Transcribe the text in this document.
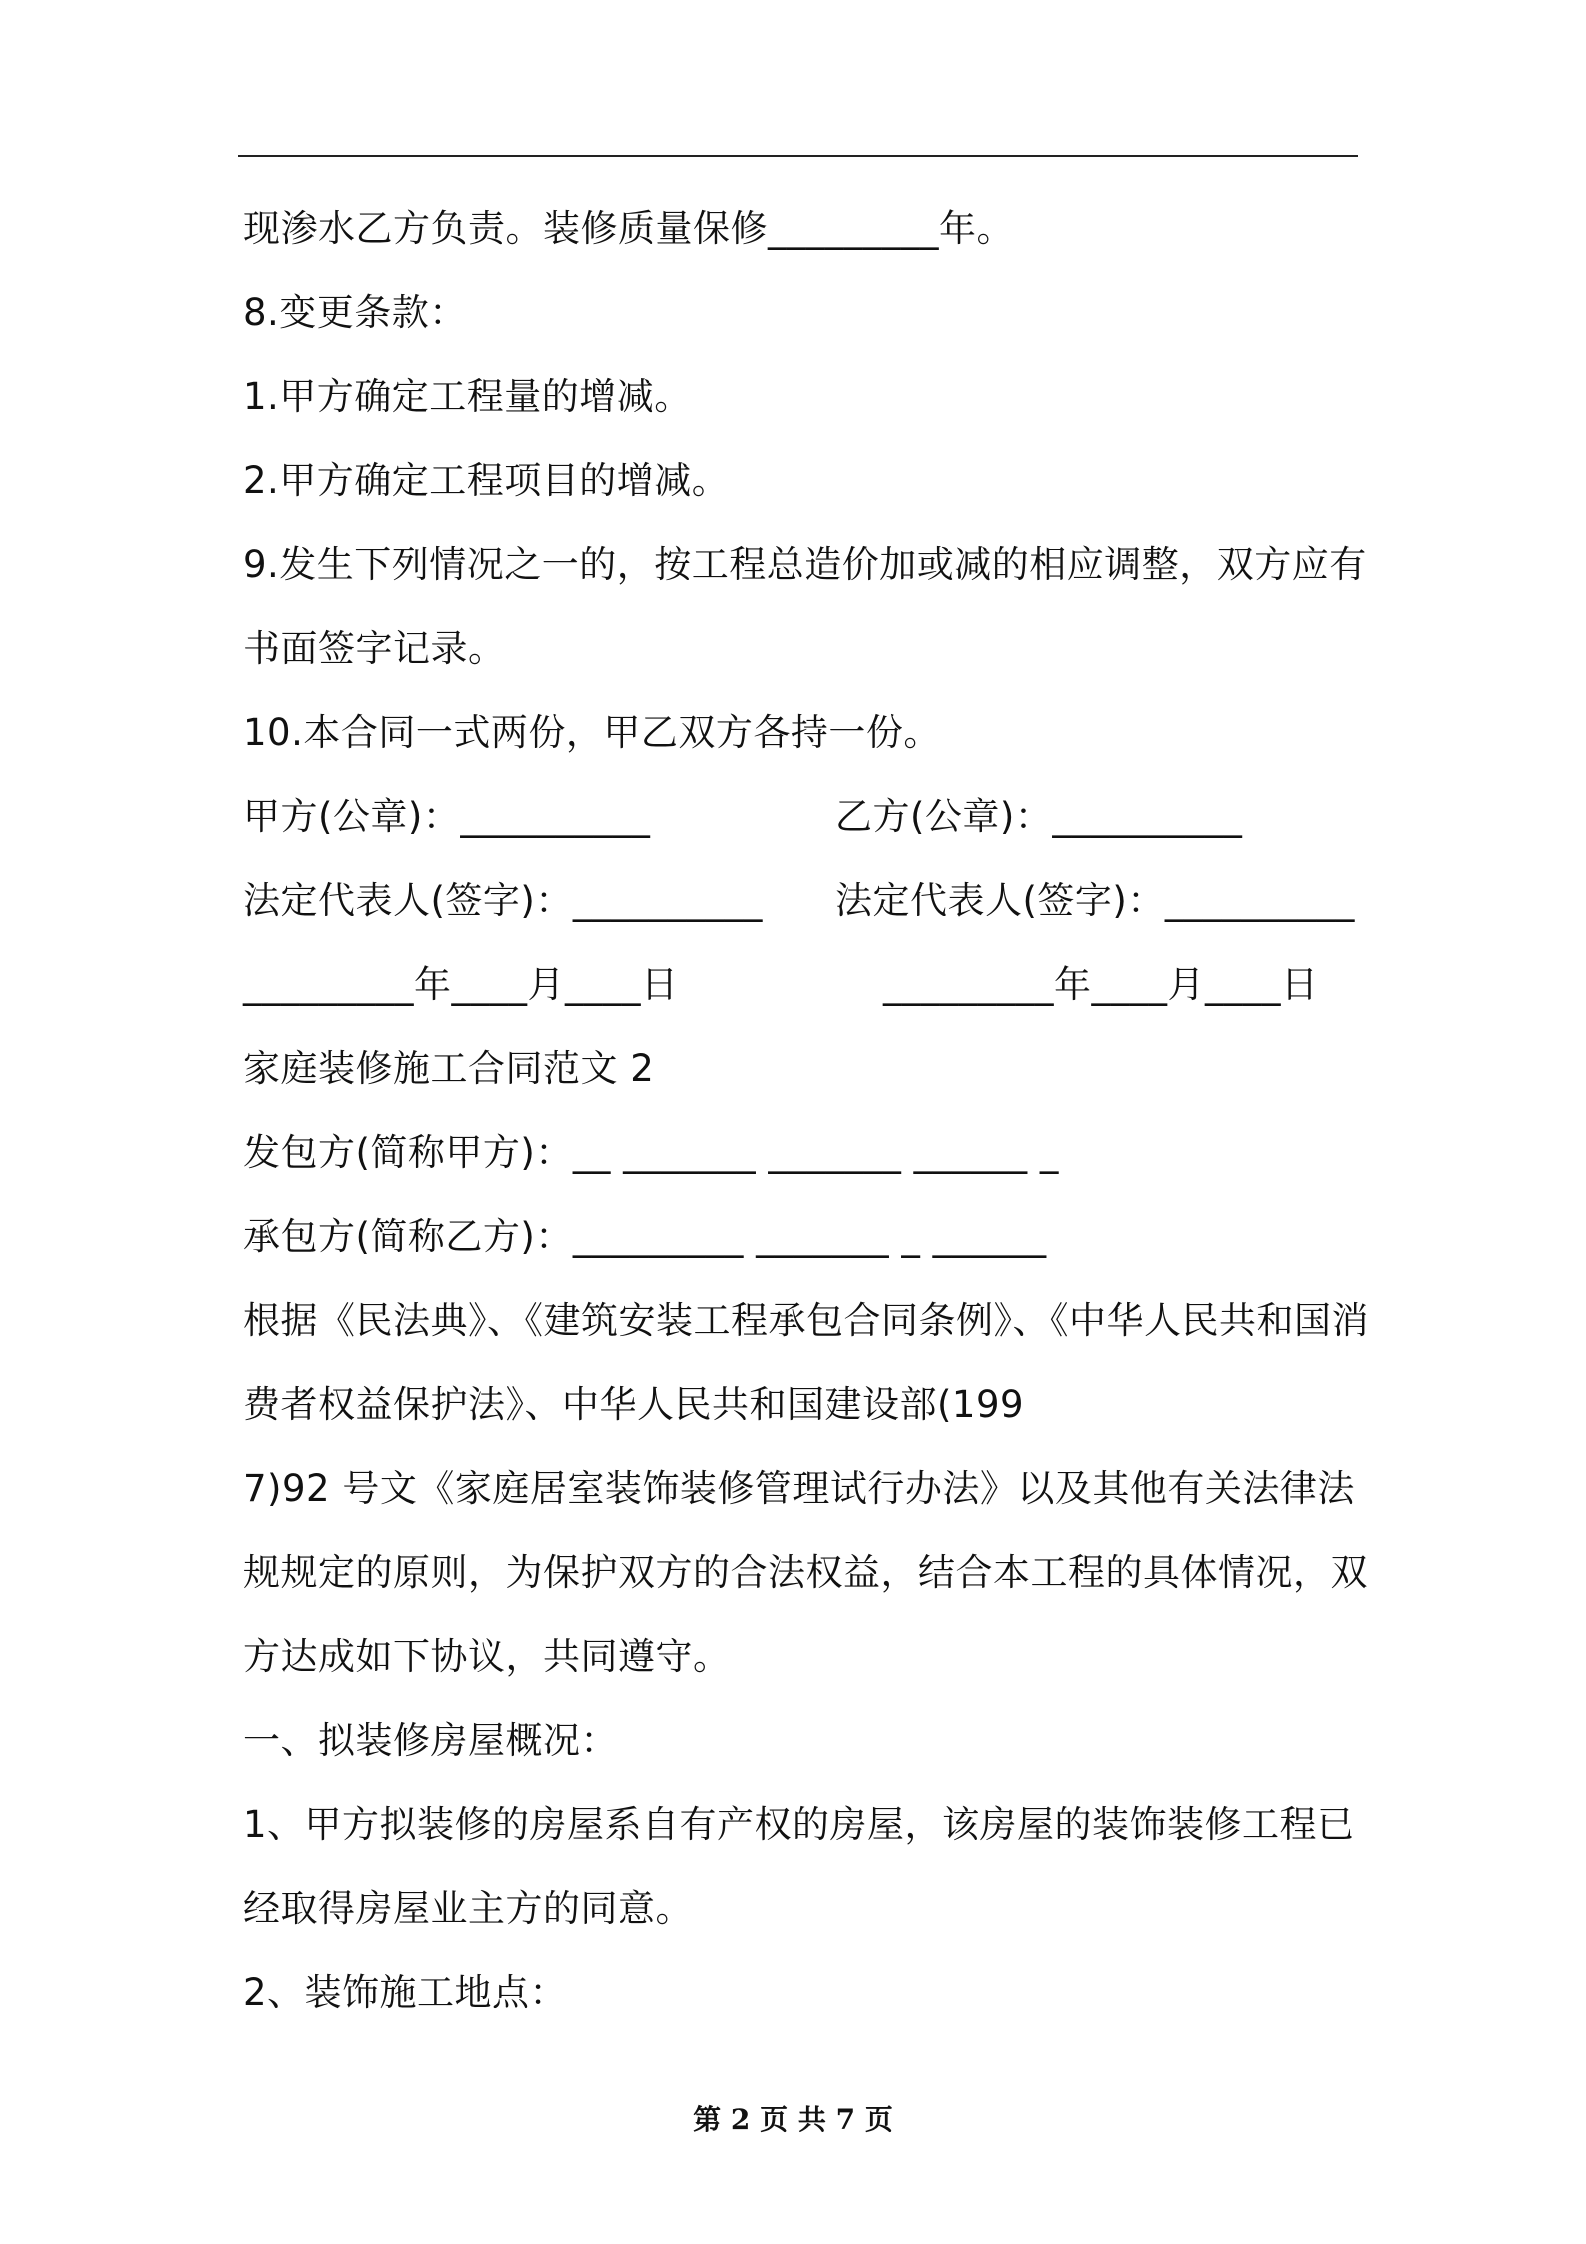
现渗水乙方负责。装修质量保修_________年。
8.变更条款：
1.甲方确定工程量的增减。
2.甲方确定工程项目的增减。
9.发生下列情况之一的，按工程总造价加或减的相应调整，双方应有
书面签字记录。
10.本合同一式两份，甲乙双方各持一份。
甲方(公章)：__________	乙方(公章)：__________
法定代表人(签字)：__________	法定代表人(签字)：__________
_________年____月____日	_________年____月____日
家庭装修施工合同范文 2
发包方(简称甲方)：__ _______ _______ ______ _
承包方(简称乙方)：_________ _______ _ ______
根据《民法典》、《建筑安装工程承包合同条例》、《中华人民共和国消
费者权益保护法》、中华人民共和国建设部(199
7)92 号文《家庭居室装饰装修管理试行办法》以及其他有关法律法
规规定的原则，为保护双方的合法权益，结合本工程的具体情况，双
方达成如下协议，共同遵守。
一、拟装修房屋概况：
1、甲方拟装修的房屋系自有产权的房屋，该房屋的装饰装修工程已
经取得房屋业主方的同意。
2、装饰施工地点：
第 2 页 共 7 页
